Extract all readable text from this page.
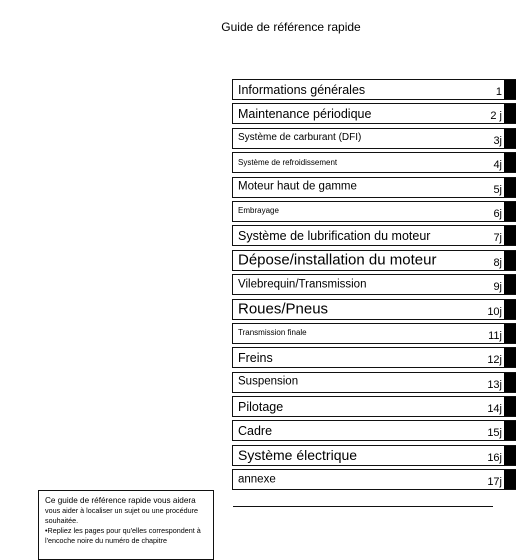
Guide de référence rapide
Informations générales	1
Maintenance périodique	2 j
Système de carburant (DFI)	3j
Système de refroidissement	4j
Moteur haut de gamme	5j
Embrayage	6j
Système de lubrification du moteur	7j
Dépose/installation du moteur	8j
Vilebrequin/Transmission	9j
Roues/Pneus	10j
Transmission finale	11j
Freins	12j
Suspension	13j
Pilotage	14j
Cadre	15j
Système électrique	16j
annexe	17j
Ce guide de référence rapide vous aidera
vous aider à localiser un sujet ou une procédure
souhaitée.
•Repliez les pages pour qu'elles correspondent à
l'encoche noire du numéro de chapitre
